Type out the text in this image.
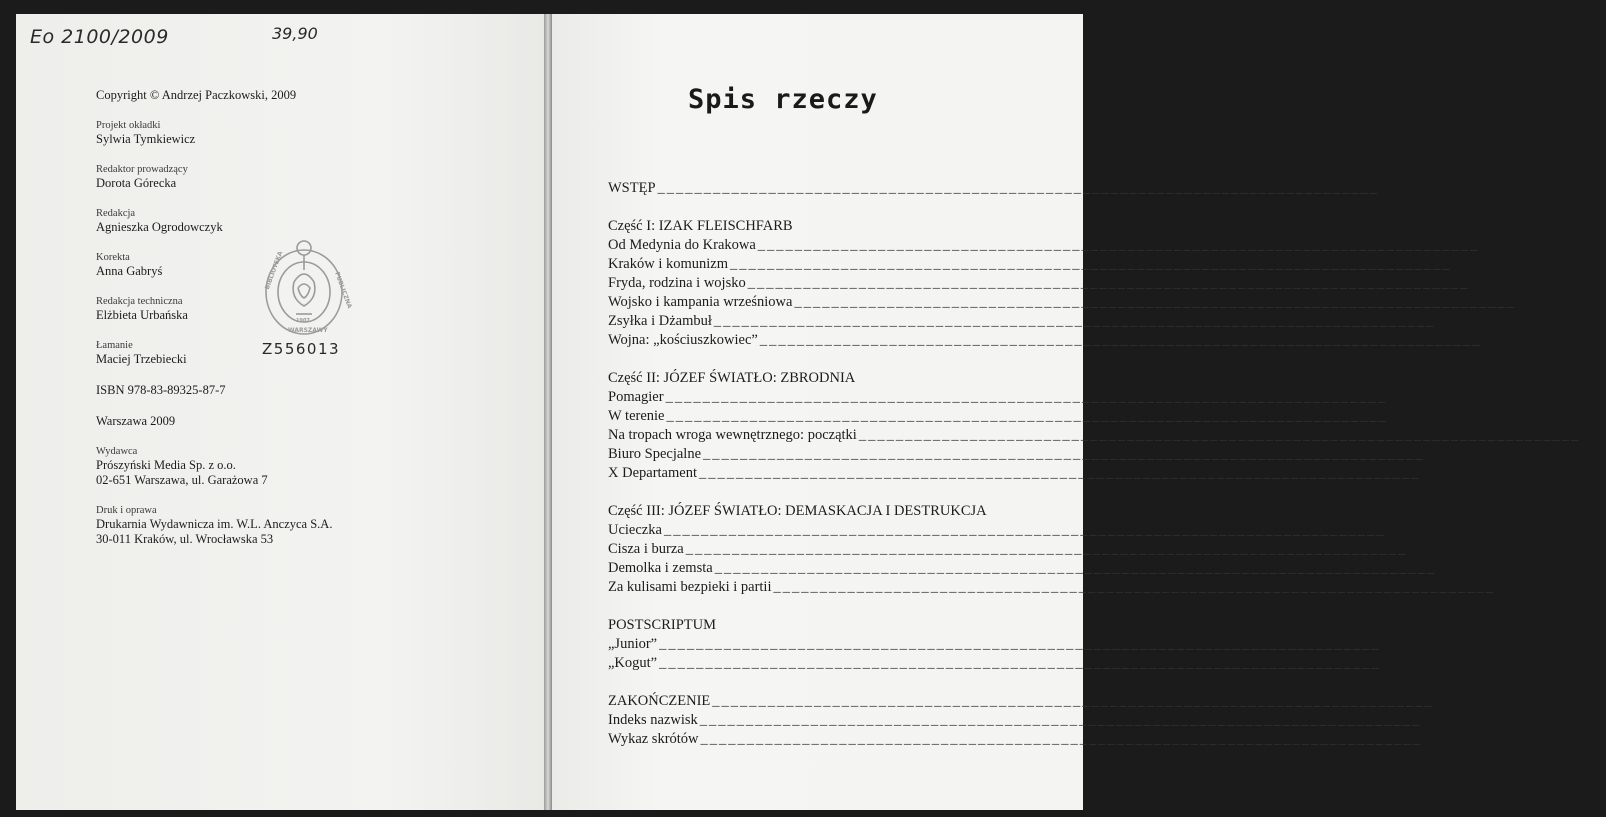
Eo 2100/2009	39,90
Z556013
BIBLIOTEKA	PUBLICZNA
WARSZAWY
1907
Copyright © Andrzej Paczkowski, 2009
Projekt okładki
Sylwia Tymkiewicz
Redaktor prowadzący
Dorota Górecka
Redakcja
Agnieszka Ogrodowczyk
Korekta
Anna Gabryś
Redakcja techniczna
Elżbieta Urbańska
Łamanie
Maciej Trzebiecki
ISBN 978-83-89325-87-7
Warszawa 2009
Wydawca
Prószyński Media Sp. z o.o.
02-651 Warszawa, ul. Garażowa 7
Druk i oprawa
Drukarnia Wydawnicza im. W.L. Anczyca S.A.
30-011 Kraków, ul. Wrocławska 53
Spis rzeczy
WSTĘP _____	7
Część I: IZAK FLEISCHFARB
Od Medynia do Krakowa _____	21
Kraków i komunizm _____	28
Fryda, rodzina i wojsko _____	42
Wojsko i kampania wrześniowa _____	47
Zsyłka i Dżambuł _____	55
Wojna: „kościuszkowiec” _____	64
Część II: JÓZEF ŚWIATŁO: ZBRODNIA
Pomagier _____	73
W terenie _____	87
Na tropach wroga wewnętrznego: początki _____	106
Biuro Specjalne _____	134
X Departament _____	147
Część III: JÓZEF ŚWIATŁO: DEMASKACJA I DESTRUKCJA
Ucieczka _____	171
Cisza i burza _____	189
Demolka i zemsta _____	202
Za kulisami bezpieki i partii _____	216
POSTSCRIPTUM
„Junior” _____	231
„Kogut” _____	241
ZAKOŃCZENIE _____	251
Indeks nazwisk _____	255
Wykaz skrótów _____	262
